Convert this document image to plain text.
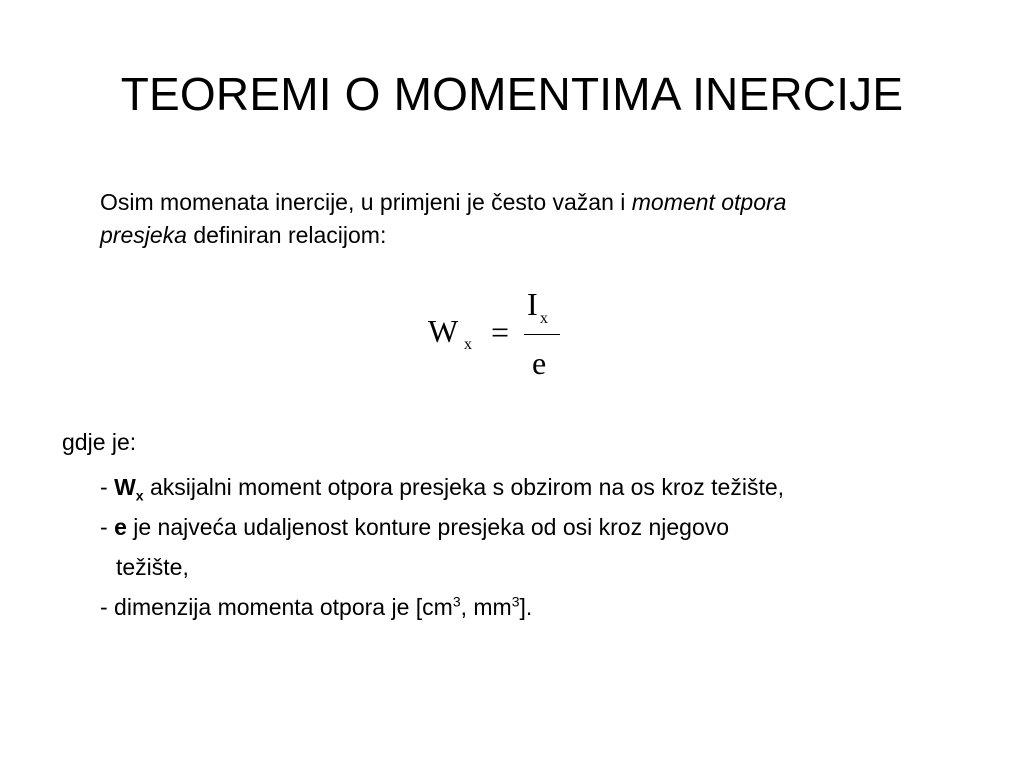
TEOREMI O MOMENTIMA INERCIJE
Osim momenata inercije, u primjeni je često važan i moment otpora
presjeka definiran relacijom:
W x =
I x
e
gdje je:
- $W_x$ aksijalni moment otpora presjeka s obzirom na os kroz težište,
- e je najveća udaljenost konture presjeka od osi kroz njegovo
težište,
- dimenzija momenta otpora je [$cm^3$, $mm^3$].
